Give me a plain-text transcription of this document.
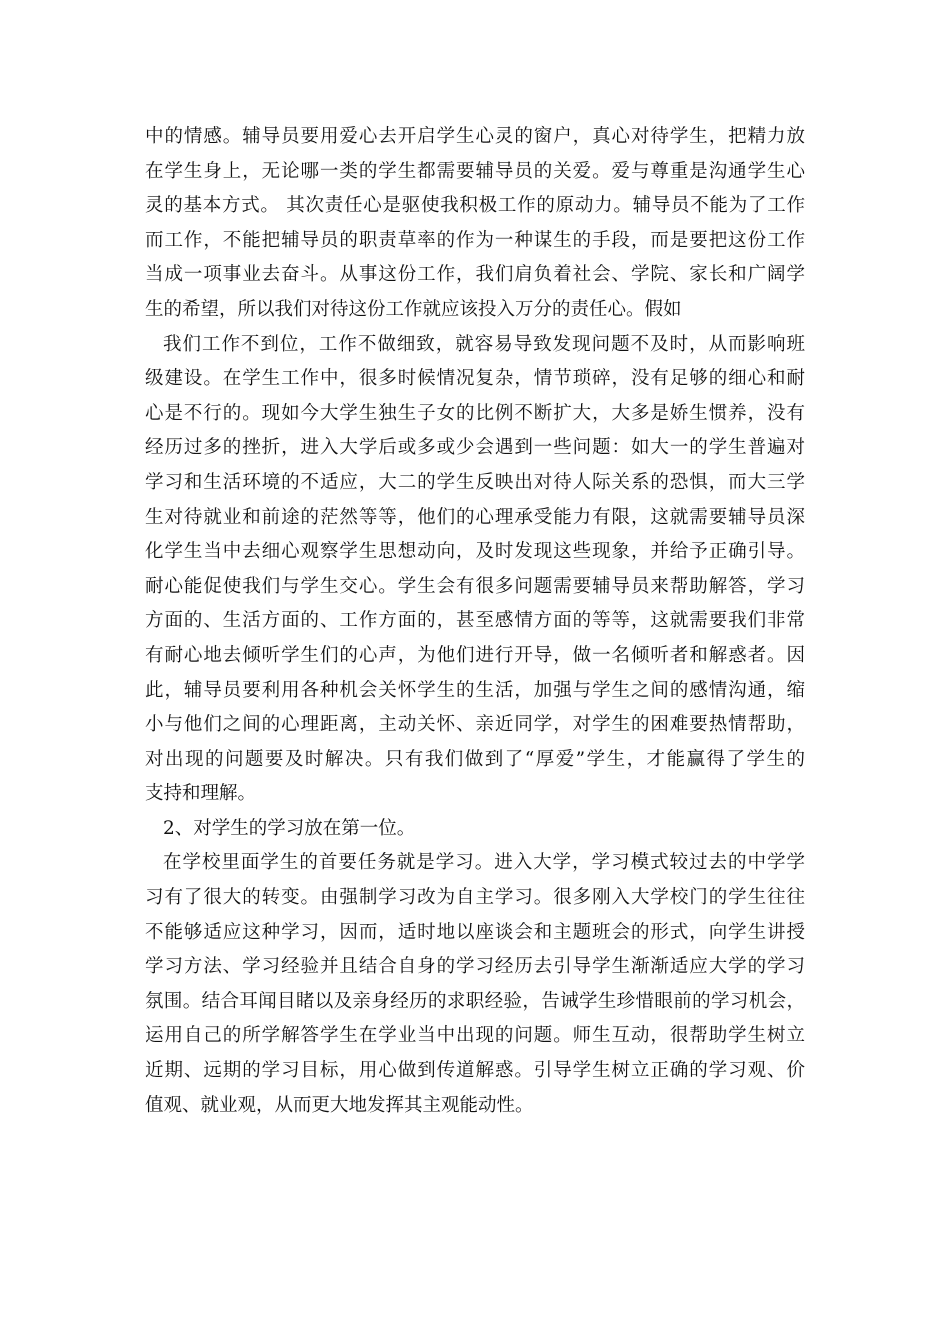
中的情感。辅导员要用爱心去开启学生心灵的窗户，真心对待学生，把精力放
在学生身上，无论哪一类的学生都需要辅导员的关爱。爱与尊重是沟通学生心
灵的基本方式。 其次责任心是驱使我积极工作的原动力。辅导员不能为了工作
而工作，不能把辅导员的职责草率的作为一种谋生的手段，而是要把这份工作
当成一项事业去奋斗。从事这份工作，我们肩负着社会、学院、家长和广阔学
生的希望，所以我们对待这份工作就应该投入万分的责任心。假如
我们工作不到位，工作不做细致，就容易导致发现问题不及时，从而影响班
级建设。在学生工作中，很多时候情况复杂，情节琐碎，没有足够的细心和耐
心是不行的。现如今大学生独生子女的比例不断扩大，大多是娇生惯养，没有
经历过多的挫折，进入大学后或多或少会遇到一些问题：如大一的学生普遍对
学习和生活环境的不适应，大二的学生反映出对待人际关系的恐惧，而大三学
生对待就业和前途的茫然等等，他们的心理承受能力有限，这就需要辅导员深
化学生当中去细心观察学生思想动向，及时发现这些现象，并给予正确引导。
耐心能促使我们与学生交心。学生会有很多问题需要辅导员来帮助解答，学习
方面的、生活方面的、工作方面的，甚至感情方面的等等，这就需要我们非常
有耐心地去倾听学生们的心声，为他们进行开导，做一名倾听者和解惑者。因
此，辅导员要利用各种机会关怀学生的生活，加强与学生之间的感情沟通，缩
小与他们之间的心理距离，主动关怀、亲近同学，对学生的困难要热情帮助，
对出现的问题要及时解决。只有我们做到了“厚爱”学生，才能赢得了学生的
支持和理解。
2、对学生的学习放在第一位。
在学校里面学生的首要任务就是学习。进入大学，学习模式较过去的中学学
习有了很大的转变。由强制学习改为自主学习。很多刚入大学校门的学生往往
不能够适应这种学习，因而，适时地以座谈会和主题班会的形式，向学生讲授
学习方法、学习经验并且结合自身的学习经历去引导学生渐渐适应大学的学习
氛围。结合耳闻目睹以及亲身经历的求职经验，告诫学生珍惜眼前的学习机会，
运用自己的所学解答学生在学业当中出现的问题。师生互动，很帮助学生树立
近期、远期的学习目标，用心做到传道解惑。引导学生树立正确的学习观、价
值观、就业观，从而更大地发挥其主观能动性。
